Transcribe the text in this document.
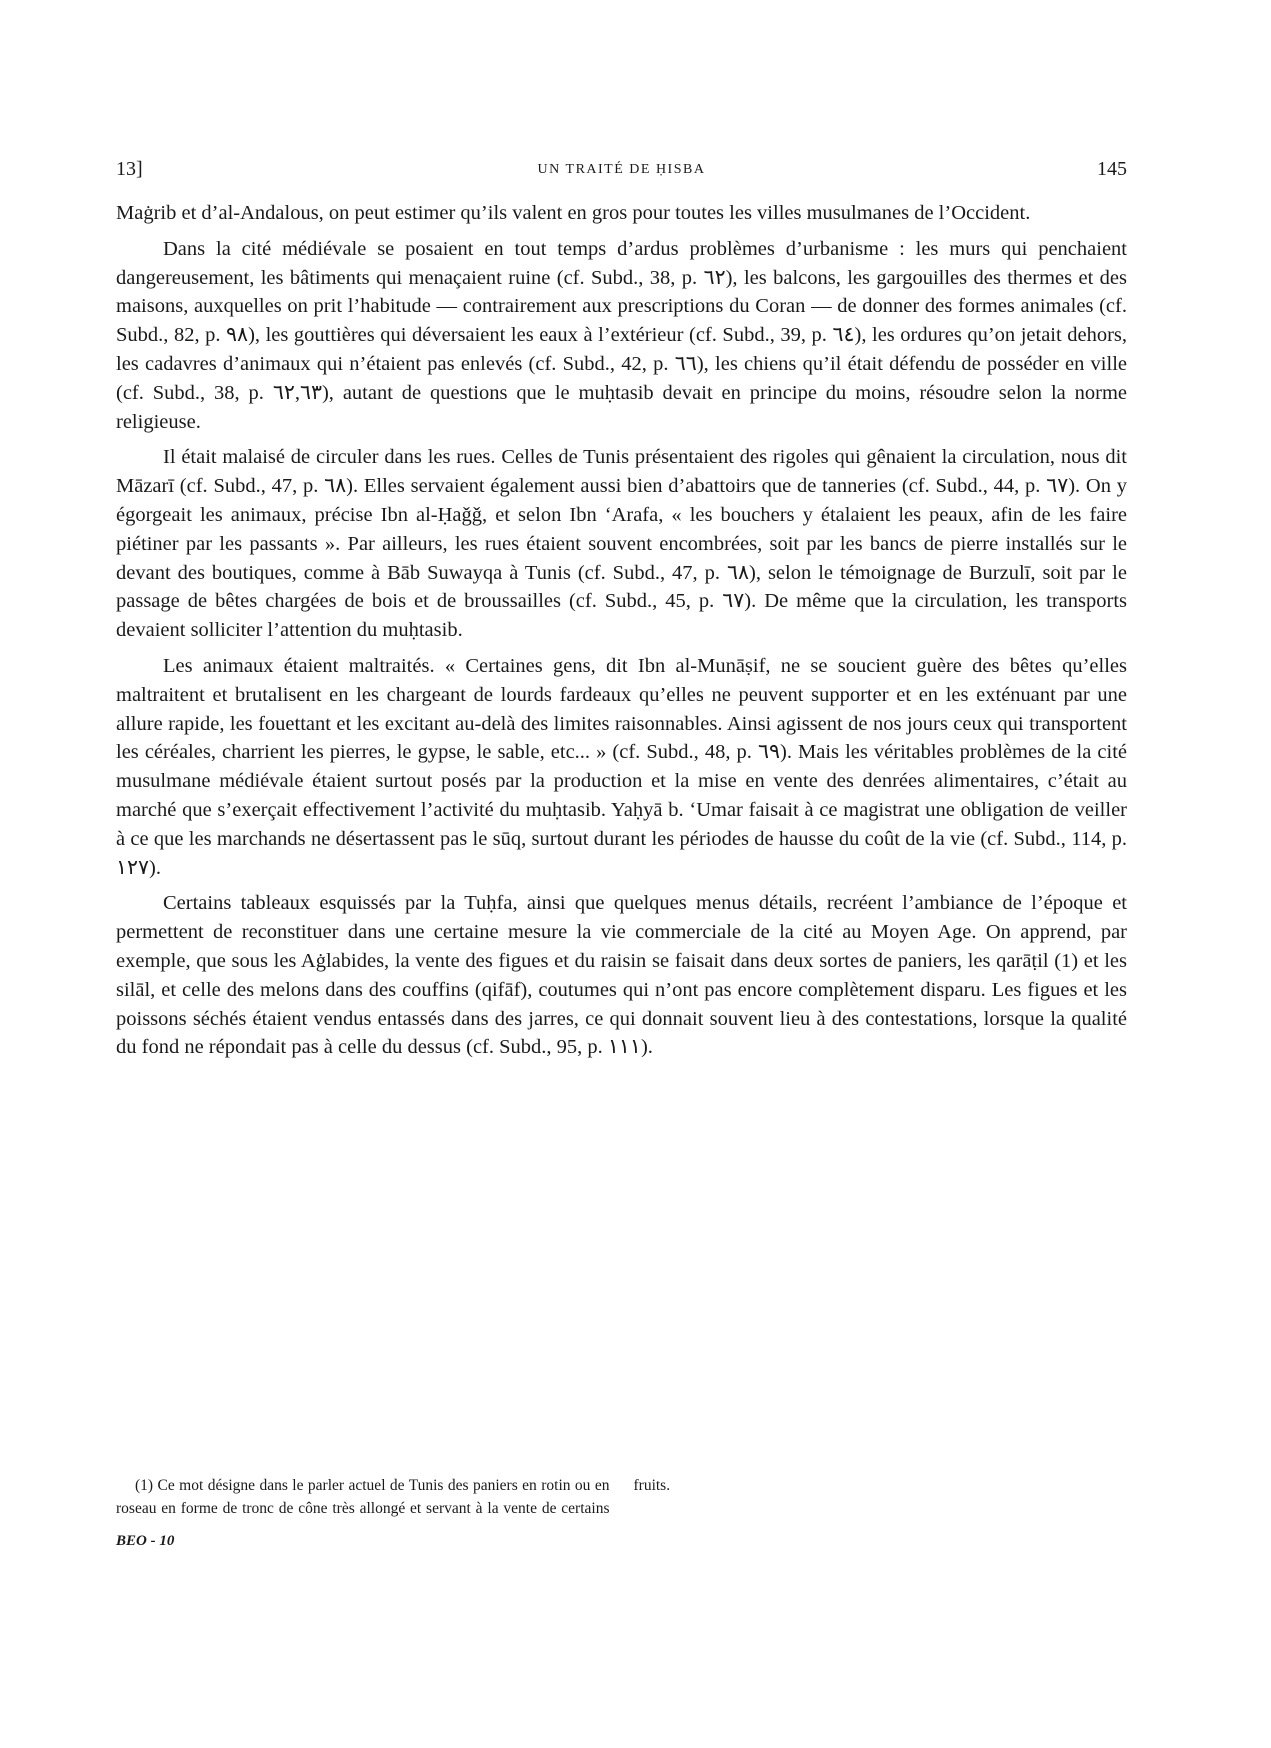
13]	UN TRAITÉ DE ḤISBA	145

Maġrib et d’al-Andalous, on peut estimer qu’ils valent en gros pour toutes les villes musulmanes de l’Occident.

Dans la cité médiévale se posaient en tout temps d’ardus problèmes d’urbanisme : les murs qui penchaient dangereusement, les bâtiments qui menaçaient ruine (cf. Subd., 38, p. ٦٢), les balcons, les gargouilles des thermes et des maisons, auxquelles on prit l’habitude — contrairement aux prescriptions du Coran — de donner des formes animales (cf. Subd., 82, p. ٩٨), les gouttières qui déversaient les eaux à l’extérieur (cf. Subd., 39, p. ٦٤), les ordures qu’on jetait dehors, les cadavres d’animaux qui n’étaient pas enlevés (cf. Subd., 42, p. ٦٦), les chiens qu’il était défendu de posséder en ville (cf. Subd., 38, p. ٦٢,٦٣), autant de questions que le muḥtasib devait en principe du moins, résoudre selon la norme religieuse.

Il était malaisé de circuler dans les rues. Celles de Tunis présentaient des rigoles qui gênaient la circulation, nous dit Māzarī (cf. Subd., 47, p. ٦٨). Elles servaient également aussi bien d’abattoirs que de tanneries (cf. Subd., 44, p. ٦٧). On y égorgeait les animaux, précise Ibn al-Ḥaǧǧ, et selon Ibn ‘Arafa, « les bouchers y étalaient les peaux, afin de les faire piétiner par les passants ». Par ailleurs, les rues étaient souvent encombrées, soit par les bancs de pierre installés sur le devant des boutiques, comme à Bāb Suwayqa à Tunis (cf. Subd., 47, p. ٦٨), selon le témoignage de Burzulī, soit par le passage de bêtes chargées de bois et de broussailles (cf. Subd., 45, p. ٦٧). De même que la circulation, les transports devaient solliciter l’attention du muḥtasib.

Les animaux étaient maltraités. « Certaines gens, dit Ibn al-Munāṣif, ne se soucient guère des bêtes qu’elles maltraitent et brutalisent en les chargeant de lourds fardeaux qu’elles ne peuvent supporter et en les exténuant par une allure rapide, les fouettant et les excitant au-delà des limites raisonnables. Ainsi agissent de nos jours ceux qui transportent les céréales, charrient les pierres, le gypse, le sable, etc... » (cf. Subd., 48, p. ٦٩). Mais les véritables problèmes de la cité musulmane médiévale étaient surtout posés par la production et la mise en vente des denrées alimentaires, c’était au marché que s’exerçait effectivement l’activité du muḥtasib. Yaḥyā b. ‘Umar faisait à ce magistrat une obligation de veiller à ce que les marchands ne désertassent pas le sūq, surtout durant les périodes de hausse du coût de la vie (cf. Subd., 114, p. ١٢٧).

Certains tableaux esquissés par la Tuḥfa, ainsi que quelques menus détails, recréent l’ambiance de l’époque et permettent de reconstituer dans une certaine mesure la vie commerciale de la cité au Moyen Age. On apprend, par exemple, que sous les Aġlabides, la vente des figues et du raisin se faisait dans deux sortes de paniers, les qarāṭil (1) et les silāl, et celle des melons dans des couffins (qifāf), coutumes qui n’ont pas encore complètement disparu. Les figues et les poissons séchés étaient vendus entassés dans des jarres, ce qui donnait souvent lieu à des contestations, lorsque la qualité du fond ne répondait pas à celle du dessus (cf. Subd., 95, p. ١١١).

(1) Ce mot désigne dans le parler actuel de Tunis des paniers en rotin ou en roseau en forme de tronc de cône très allongé et servant à la vente de certains fruits.

BEO - 10
